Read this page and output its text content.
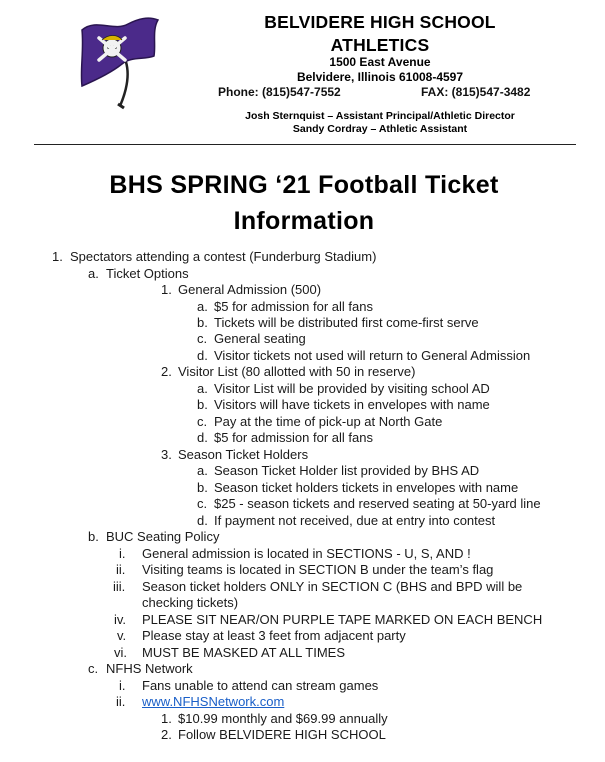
BELVIDERE HIGH SCHOOL
ATHLETICS
1500 East Avenue
Belvidere, Illinois 61008-4597
Phone: (815)547-7552	FAX: (815)547-3482
Josh Sternquist – Assistant Principal/Athletic Director
Sandy Cordray – Athletic Assistant
BHS SPRING ‘21 Football Ticket
Information
1. Spectators attending a contest (Funderburg Stadium)
a. Ticket Options
1. General Admission (500)
a. $5 for admission for all fans
b. Tickets will be distributed first come-first serve
c. General seating
d. Visitor tickets not used will return to General Admission
2. Visitor List (80 allotted with 50 in reserve)
a. Visitor List will be provided by visiting school AD
b. Visitors will have tickets in envelopes with name
c. Pay at the time of pick-up at North Gate
d. $5 for admission for all fans
3. Season Ticket Holders
a. Season Ticket Holder list provided by BHS AD
b. Season ticket holders tickets in envelopes with name
c. $25 - season tickets and reserved seating at 50-yard line
d. If payment not received, due at entry into contest
b. BUC Seating Policy
i. General admission is located in SECTIONS - U, S, AND !
ii. Visiting teams is located in SECTION B under the team’s flag
iii. Season ticket holders ONLY in SECTION C (BHS and BPD will be
checking tickets)
iv. PLEASE SIT NEAR/ON PURPLE TAPE MARKED ON EACH BENCH
v. Please stay at least 3 feet from adjacent party
vi. MUST BE MASKED AT ALL TIMES
c. NFHS Network
i. Fans unable to attend can stream games
ii. www.NFHSNetwork.com
1. $10.99 monthly and $69.99 annually
2. Follow BELVIDERE HIGH SCHOOL
